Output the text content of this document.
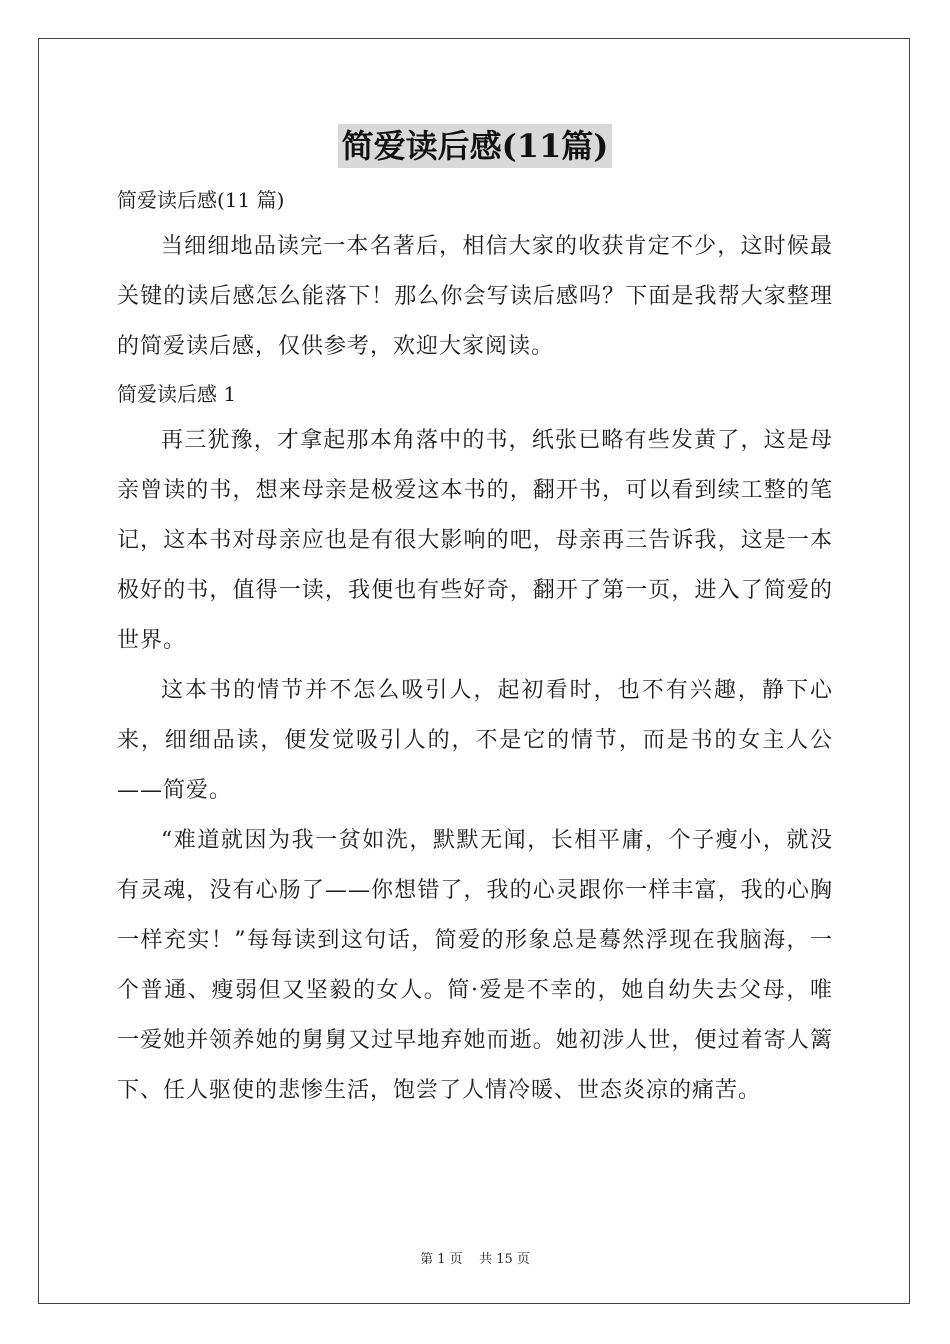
简爱读后感(11篇)

简爱读后感(11 篇)

当细细地品读完一本名著后，相信大家的收获肯定不少，这时候最关键的读后感怎么能落下！那么你会写读后感吗？下面是我帮大家整理的简爱读后感，仅供参考，欢迎大家阅读。

简爱读后感 1

再三犹豫，才拿起那本角落中的书，纸张已略有些发黄了，这是母亲曾读的书，想来母亲是极爱这本书的，翻开书，可以看到续工整的笔记，这本书对母亲应也是有很大影响的吧，母亲再三告诉我，这是一本极好的书，值得一读，我便也有些好奇，翻开了第一页，进入了简爱的世界。

这本书的情节并不怎么吸引人，起初看时，也不有兴趣，静下心来，细细品读，便发觉吸引人的，不是它的情节，而是书的女主人公——简爱。

“难道就因为我一贫如洗，默默无闻，长相平庸，个子瘦小，就没有灵魂，没有心肠了——你想错了，我的心灵跟你一样丰富，我的心胸一样充实！”每每读到这句话，简爱的形象总是蓦然浮现在我脑海，一个普通、瘦弱但又坚毅的女人。简·爱是不幸的，她自幼失去父母，唯一爱她并领养她的舅舅又过早地弃她而逝。她初涉人世，便过着寄人篱下、任人驱使的悲惨生活，饱尝了人情冷暖、世态炎凉的痛苦。

第 1 页    共 15 页
